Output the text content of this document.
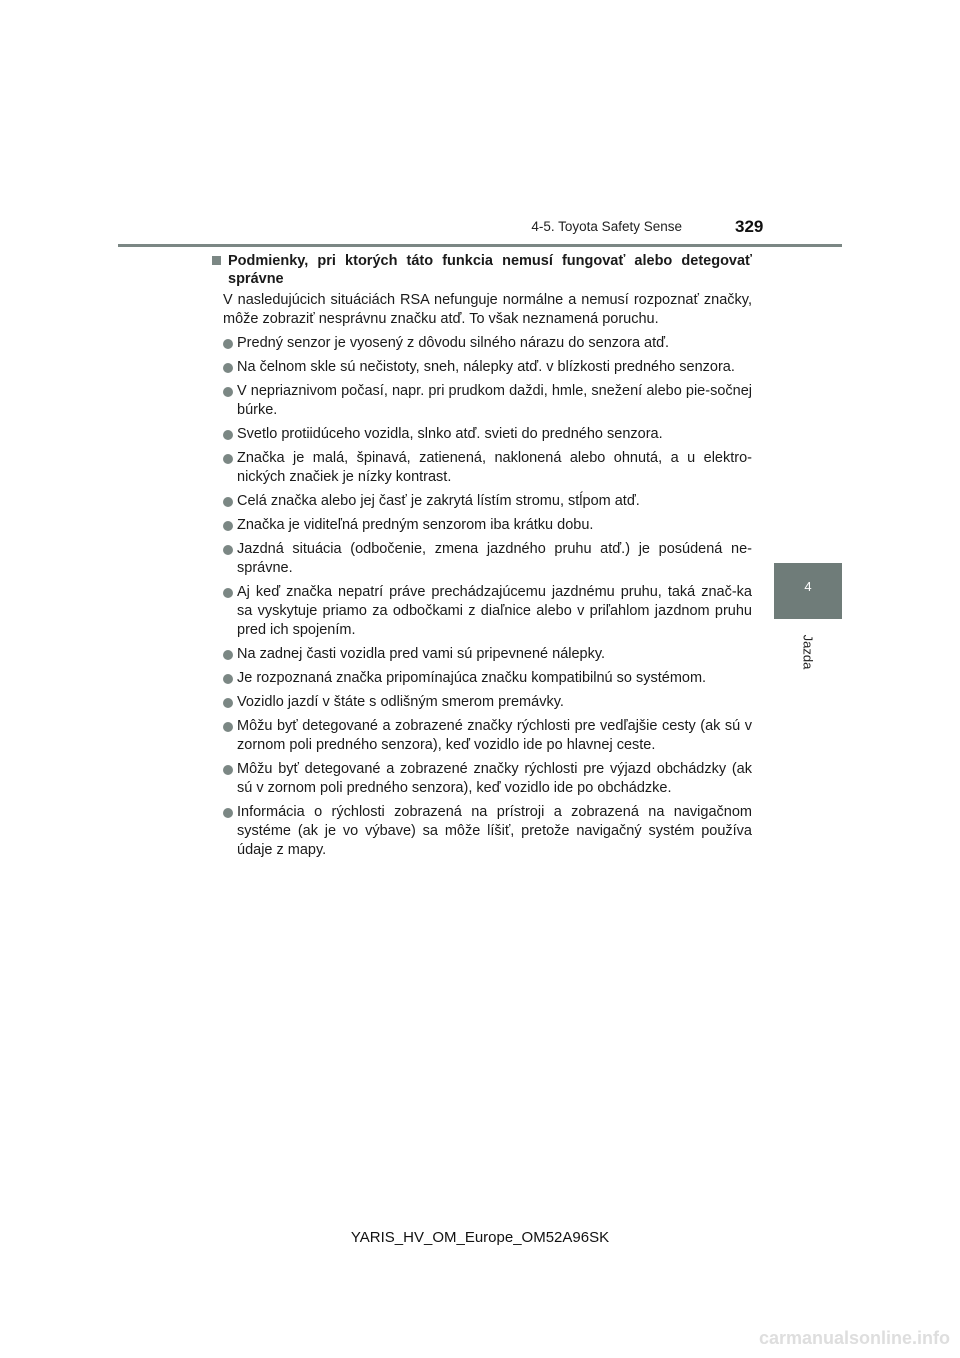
4-5. Toyota Safety Sense	329
4
Jazda
Podmienky, pri ktorých táto funkcia nemusí fungovať alebo detegovať správne
V nasledujúcich situáciách RSA nefunguje normálne a nemusí rozpoznať značky, môže zobraziť nesprávnu značku atď. To však neznamená poruchu.
Predný senzor je vyosený z dôvodu silného nárazu do senzora atď.
Na čelnom skle sú nečistoty, sneh, nálepky atď. v blízkosti predného senzora.
V nepriaznivom počasí, napr. pri prudkom daždi, hmle, snežení alebo pie-sočnej búrke.
Svetlo protiidúceho vozidla, slnko atď. svieti do predného senzora.
Značka je malá, špinavá, zatienená, naklonená alebo ohnutá, a u elektro-nických značiek je nízky kontrast.
Celá značka alebo jej časť je zakrytá lístím stromu, stĺpom atď.
Značka je viditeľná predným senzorom iba krátku dobu.
Jazdná situácia (odbočenie, zmena jazdného pruhu atď.) je posúdená ne-správne.
Aj keď značka nepatrí práve prechádzajúcemu jazdnému pruhu, taká znač-ka sa vyskytuje priamo za odbočkami z diaľnice alebo v priľahlom jazdnom pruhu pred ich spojením.
Na zadnej časti vozidla pred vami sú pripevnené nálepky.
Je rozpoznaná značka pripomínajúca značku kompatibilnú so systémom.
Vozidlo jazdí v štáte s odlišným smerom premávky.
Môžu byť detegované a zobrazené značky rýchlosti pre vedľajšie cesty (ak sú v zornom poli predného senzora), keď vozidlo ide po hlavnej ceste.
Môžu byť detegované a zobrazené značky rýchlosti pre výjazd obchádzky (ak sú v zornom poli predného senzora), keď vozidlo ide po obchádzke.
Informácia o rýchlosti zobrazená na prístroji a zobrazená na navigačnom systéme (ak je vo výbave) sa môže líšiť, pretože navigačný systém používa údaje z mapy.
YARIS_HV_OM_Europe_OM52A96SK
carmanualsonline.info
